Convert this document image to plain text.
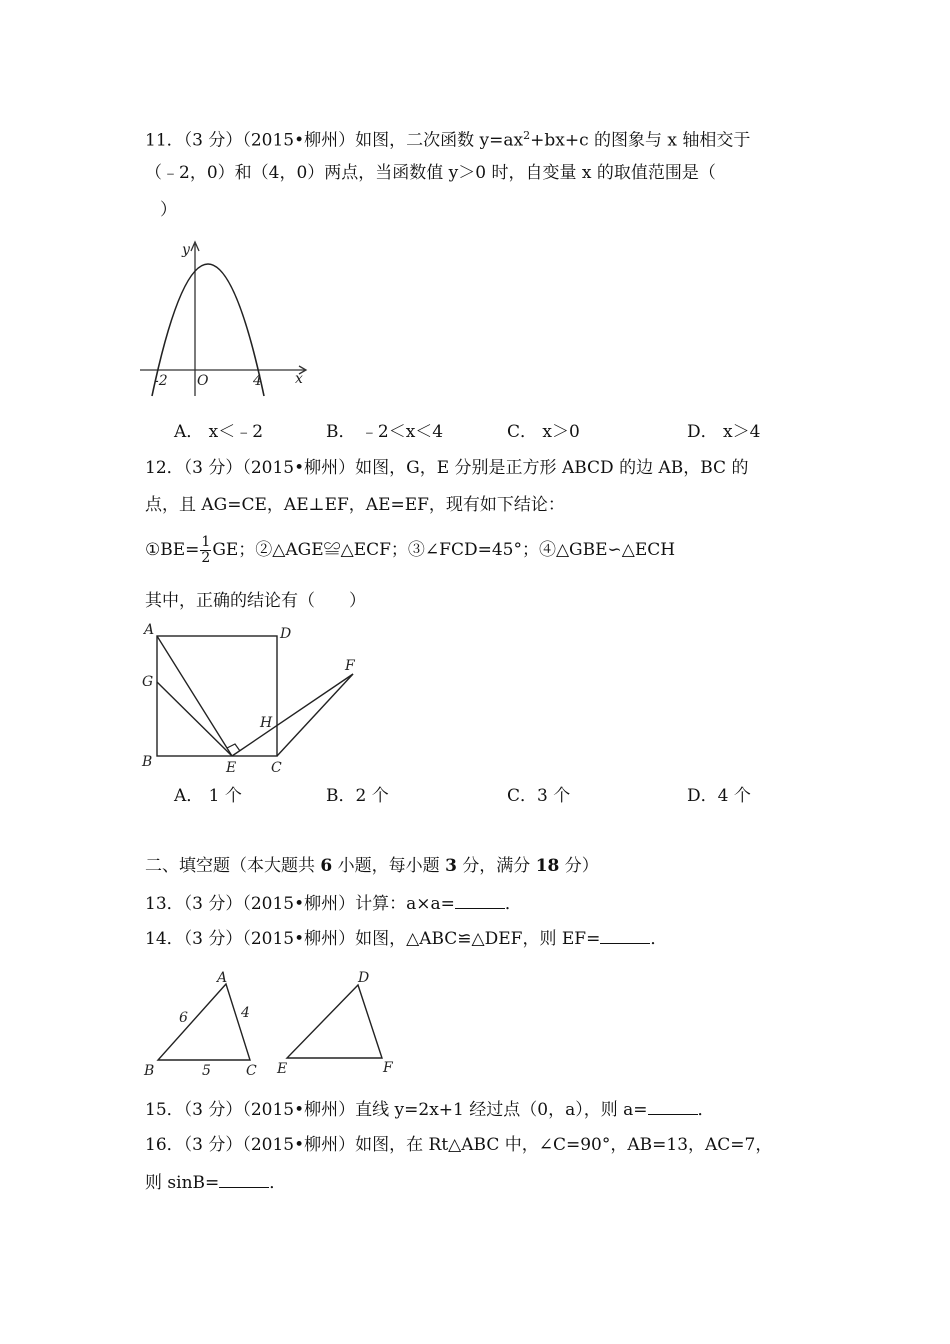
11．（3 分）（2015•柳州）如图，二次函数 $y=ax^2+bx+c$ 的图象与 x 轴相交于
（﹣2，0）和（4，0）两点，当函数值 y＞0 时，自变量 x 的取值范围是（
）
y
x
O
-2	4
A． x＜﹣2	B． ﹣2＜x＜4	C． x＞0	D． x＞4
12．（3 分）（2015•柳州）如图，G，E 分别是正方形 ABCD 的边 AB，BC 的
点，且 AG=CE，AE⊥EF，AE=EF，现有如下结论：
①BE= $\frac{1}{2}$ GE；②△AGE≌△ECF；③∠FCD=45°；④△GBE∽△ECH
其中，正确的结论有（　　）
A	D
G
B	E C
F
H
A． 1 个	B．2 个	C．3 个	D．4 个
二、填空题（本大题共 6 小题，每小题 3 分，满分 18 分）
13．（3 分）（2015•柳州）计算：a×a=	．
14．（3 分）（2015•柳州）如图，△ABC≌△DEF，则 EF=	．
A
B	C
6	4
5
D
E	F
15．（3 分）（2015•柳州）直线 y=2x+1 经过点（0，a），则 a=	．
16．（3 分）（2015•柳州）如图，在 Rt△ABC 中，∠C=90°，AB=13，AC=7，
则 sinB=	．
